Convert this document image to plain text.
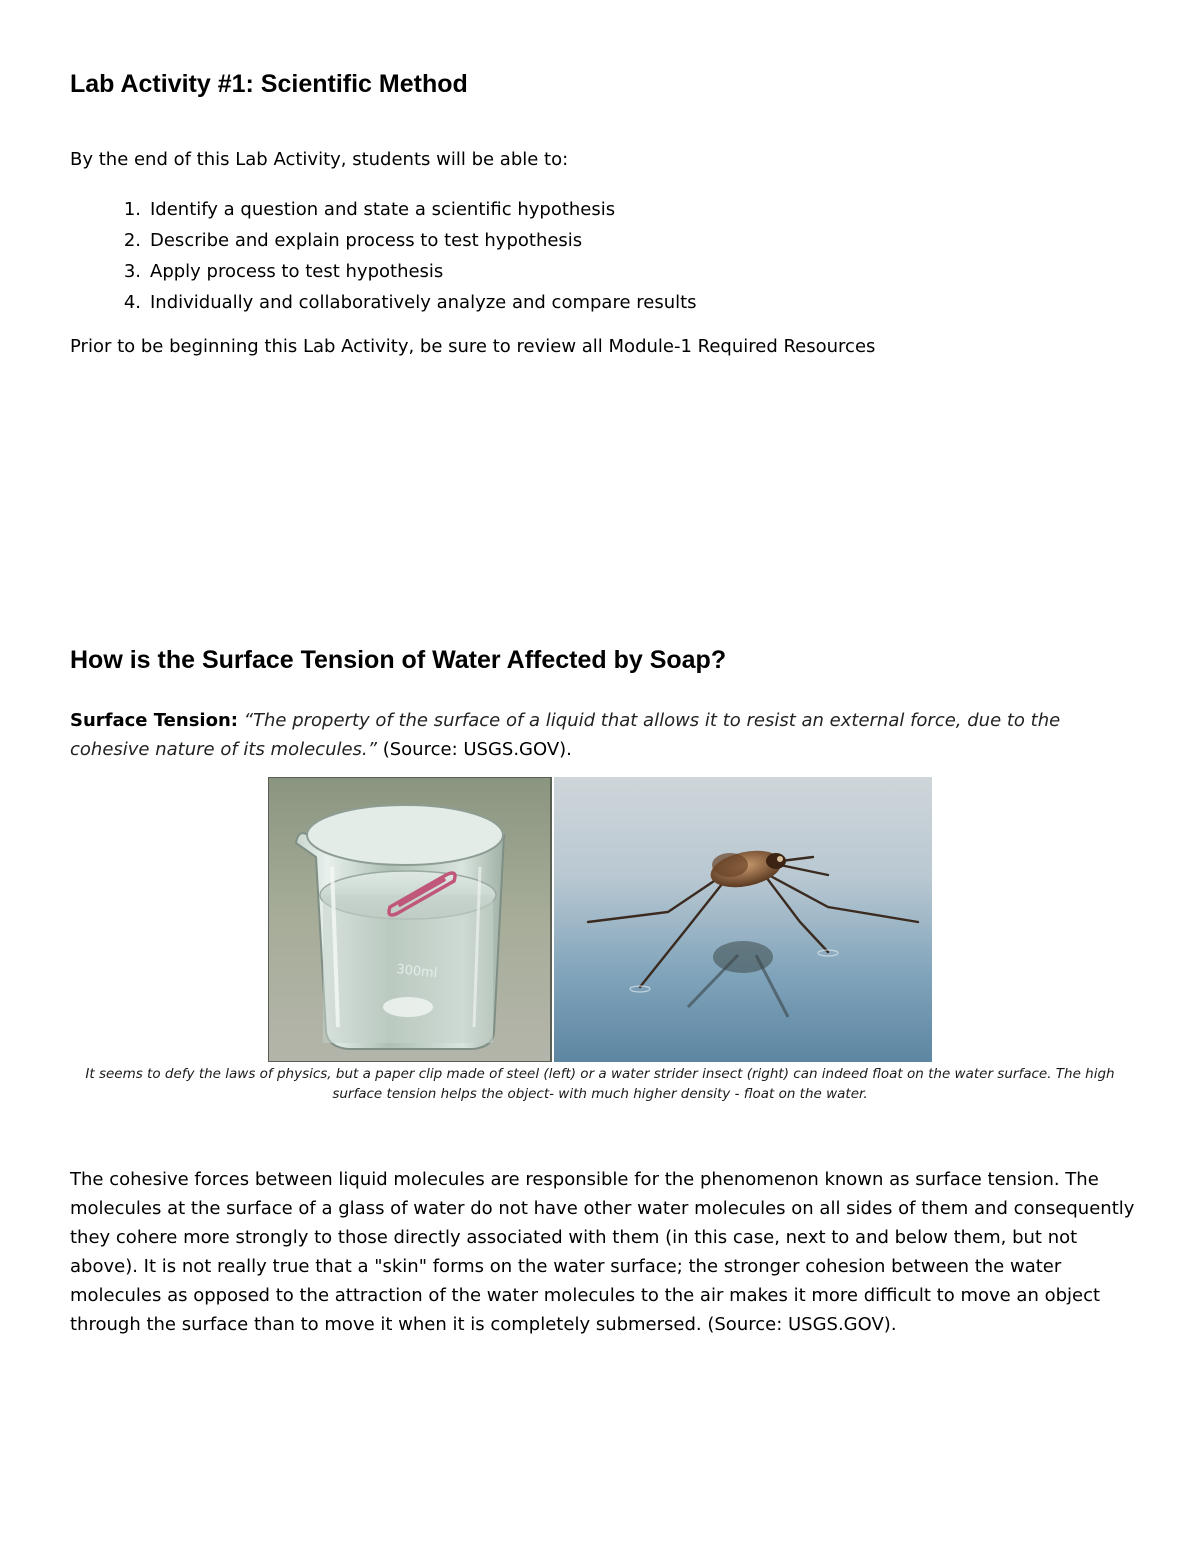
Lab Activity #1: Scientific Method

By the end of this Lab Activity, students will be able to:

1. Identify a question and state a scientific hypothesis
2. Describe and explain process to test hypothesis
3. Apply process to test hypothesis
4. Individually and collaboratively analyze and compare results

Prior to be beginning this Lab Activity, be sure to review all Module-1 Required Resources

How is the Surface Tension of Water Affected by Soap?

Surface Tension: “The property of the surface of a liquid that allows it to resist an external force, due to the cohesive nature of its molecules.” (Source: USGS.GOV).

300ml

It seems to defy the laws of physics, but a paper clip made of steel (left) or a water strider insect (right) can indeed float on the water surface. The high surface tension helps the object- with much higher density - float on the water.

The cohesive forces between liquid molecules are responsible for the phenomenon known as surface tension. The molecules at the surface of a glass of water do not have other water molecules on all sides of them and consequently they cohere more strongly to those directly associated with them (in this case, next to and below them, but not above). It is not really true that a "skin" forms on the water surface; the stronger cohesion between the water molecules as opposed to the attraction of the water molecules to the air makes it more difficult to move an object through the surface than to move it when it is completely submersed. (Source: USGS.GOV).
